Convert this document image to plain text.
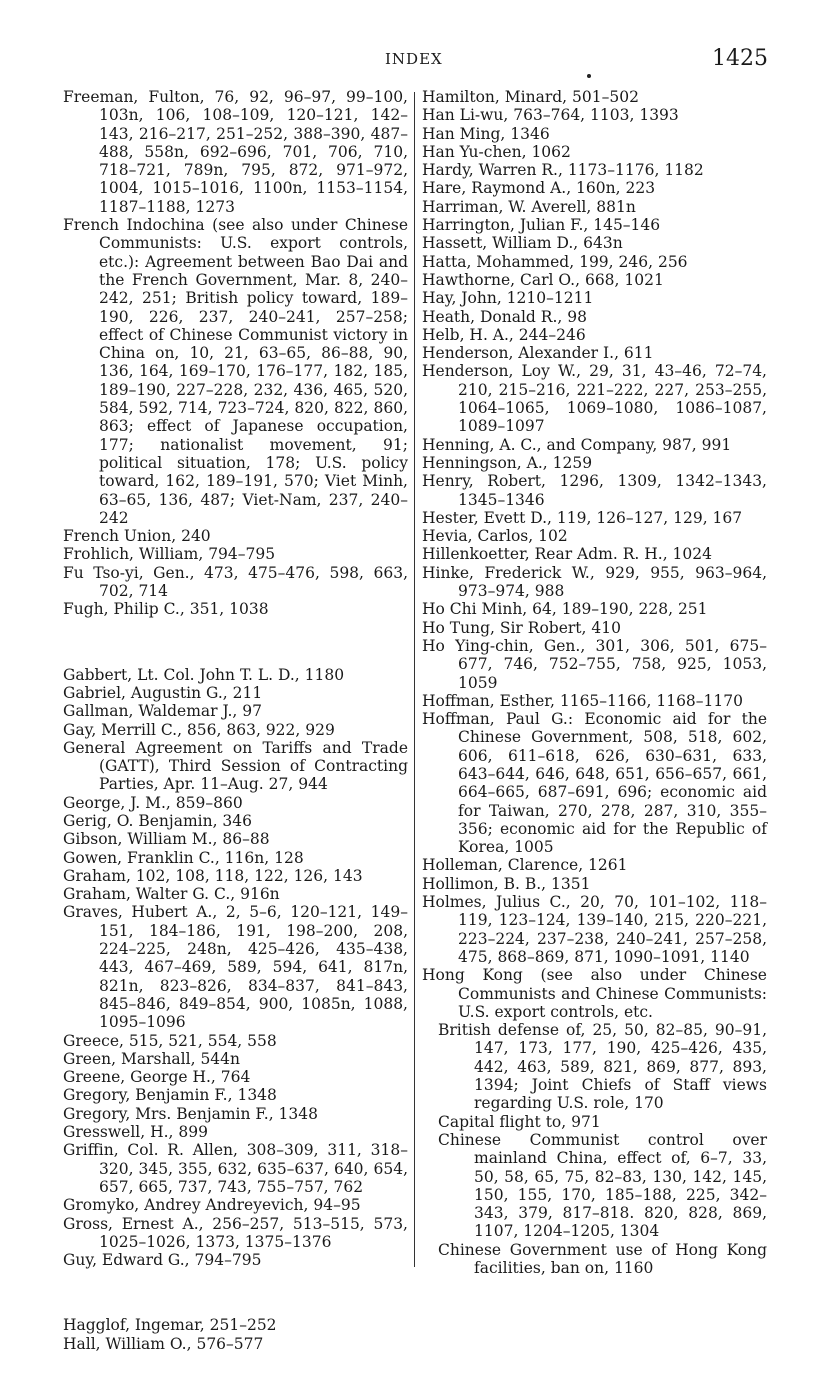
INDEX	1425

Freeman, Fulton, 76, 92, 96–97, 99–100, 103n, 106, 108–109, 120–121, 142–143, 216–217, 251–252, 388–390, 487–488, 558n, 692–696, 701, 706, 710, 718–721, 789n, 795, 872, 971–972, 1004, 1015–1016, 1100n, 1153–1154, 1187–1188, 1273

French Indochina (see also under Chinese Communists: U.S. export controls, etc.): Agreement between Bao Dai and the French Government, Mar. 8, 240–242, 251; British policy toward, 189–190, 226, 237, 240–241, 257–258; effect of Chinese Communist victory in China on, 10, 21, 63–65, 86–88, 90, 136, 164, 169–170, 176–177, 182, 185, 189–190, 227–228, 232, 436, 465, 520, 584, 592, 714, 723–724, 820, 822, 860, 863; effect of Japanese occupation, 177; nationalist movement, 91; political situation, 178; U.S. policy toward, 162, 189–191, 570; Viet Minh, 63–65, 136, 487; Viet-Nam, 237, 240–242

French Union, 240

Frohlich, William, 794–795

Fu Tso-yi, Gen., 473, 475–476, 598, 663, 702, 714

Fugh, Philip C., 351, 1038

Gabbert, Lt. Col. John T. L. D., 1180

Gabriel, Augustin G., 211

Gallman, Waldemar J., 97

Gay, Merrill C., 856, 863, 922, 929

General Agreement on Tariffs and Trade (GATT), Third Session of Contracting Parties, Apr. 11–Aug. 27, 944

George, J. M., 859–860

Gerig, O. Benjamin, 346

Gibson, William M., 86–88

Gowen, Franklin C., 116n, 128

Graham, 102, 108, 118, 122, 126, 143

Graham, Walter G. C., 916n

Graves, Hubert A., 2, 5–6, 120–121, 149–151, 184–186, 191, 198–200, 208, 224–225, 248n, 425–426, 435–438, 443, 467–469, 589, 594, 641, 817n, 821n, 823–826, 834–837, 841–843, 845–846, 849–854, 900, 1085n, 1088, 1095–1096

Greece, 515, 521, 554, 558

Green, Marshall, 544n

Greene, George H., 764

Gregory, Benjamin F., 1348

Gregory, Mrs. Benjamin F., 1348

Gresswell, H., 899

Griffin, Col. R. Allen, 308–309, 311, 318–320, 345, 355, 632, 635–637, 640, 654, 657, 665, 737, 743, 755–757, 762

Gromyko, Andrey Andreyevich, 94–95

Gross, Ernest A., 256–257, 513–515, 573, 1025–1026, 1373, 1375–1376

Guy, Edward G., 794–795

Hagglof, Ingemar, 251–252

Hall, William O., 576–577

Hamilton, Minard, 501–502

Han Li-wu, 763–764, 1103, 1393

Han Ming, 1346

Han Yu-chen, 1062

Hardy, Warren R., 1173–1176, 1182

Hare, Raymond A., 160n, 223

Harriman, W. Averell, 881n

Harrington, Julian F., 145–146

Hassett, William D., 643n

Hatta, Mohammed, 199, 246, 256

Hawthorne, Carl O., 668, 1021

Hay, John, 1210–1211

Heath, Donald R., 98

Helb, H. A., 244–246

Henderson, Alexander I., 611

Henderson, Loy W., 29, 31, 43–46, 72–74, 210, 215–216, 221–222, 227, 253–255, 1064–1065, 1069–1080, 1086–1087, 1089–1097

Henning, A. C., and Company, 987, 991

Henningson, A., 1259

Henry, Robert, 1296, 1309, 1342–1343, 1345–1346

Hester, Evett D., 119, 126–127, 129, 167

Hevia, Carlos, 102

Hillenkoetter, Rear Adm. R. H., 1024

Hinke, Frederick W., 929, 955, 963–964, 973–974, 988

Ho Chi Minh, 64, 189–190, 228, 251

Ho Tung, Sir Robert, 410

Ho Ying-chin, Gen., 301, 306, 501, 675–677, 746, 752–755, 758, 925, 1053, 1059

Hoffman, Esther, 1165–1166, 1168–1170

Hoffman, Paul G.: Economic aid for the Chinese Government, 508, 518, 602, 606, 611–618, 626, 630–631, 633, 643–644, 646, 648, 651, 656–657, 661, 664–665, 687–691, 696; economic aid for Taiwan, 270, 278, 287, 310, 355–356; economic aid for the Republic of Korea, 1005

Holleman, Clarence, 1261

Hollimon, B. B., 1351

Holmes, Julius C., 20, 70, 101–102, 118–119, 123–124, 139–140, 215, 220–221, 223–224, 237–238, 240–241, 257–258, 475, 868–869, 871, 1090–1091, 1140

Hong Kong (see also under Chinese Communists and Chinese Communists: U.S. export controls, etc.

British defense of, 25, 50, 82–85, 90–91, 147, 173, 177, 190, 425–426, 435, 442, 463, 589, 821, 869, 877, 893, 1394; Joint Chiefs of Staff views regarding U.S. role, 170

Capital flight to, 971

Chinese Communist control over mainland China, effect of, 6–7, 33, 50, 58, 65, 75, 82–83, 130, 142, 145, 150, 155, 170, 185–188, 225, 342–343, 379, 817–818. 820, 828, 869, 1107, 1204–1205, 1304

Chinese Government use of Hong Kong facilities, ban on, 1160
